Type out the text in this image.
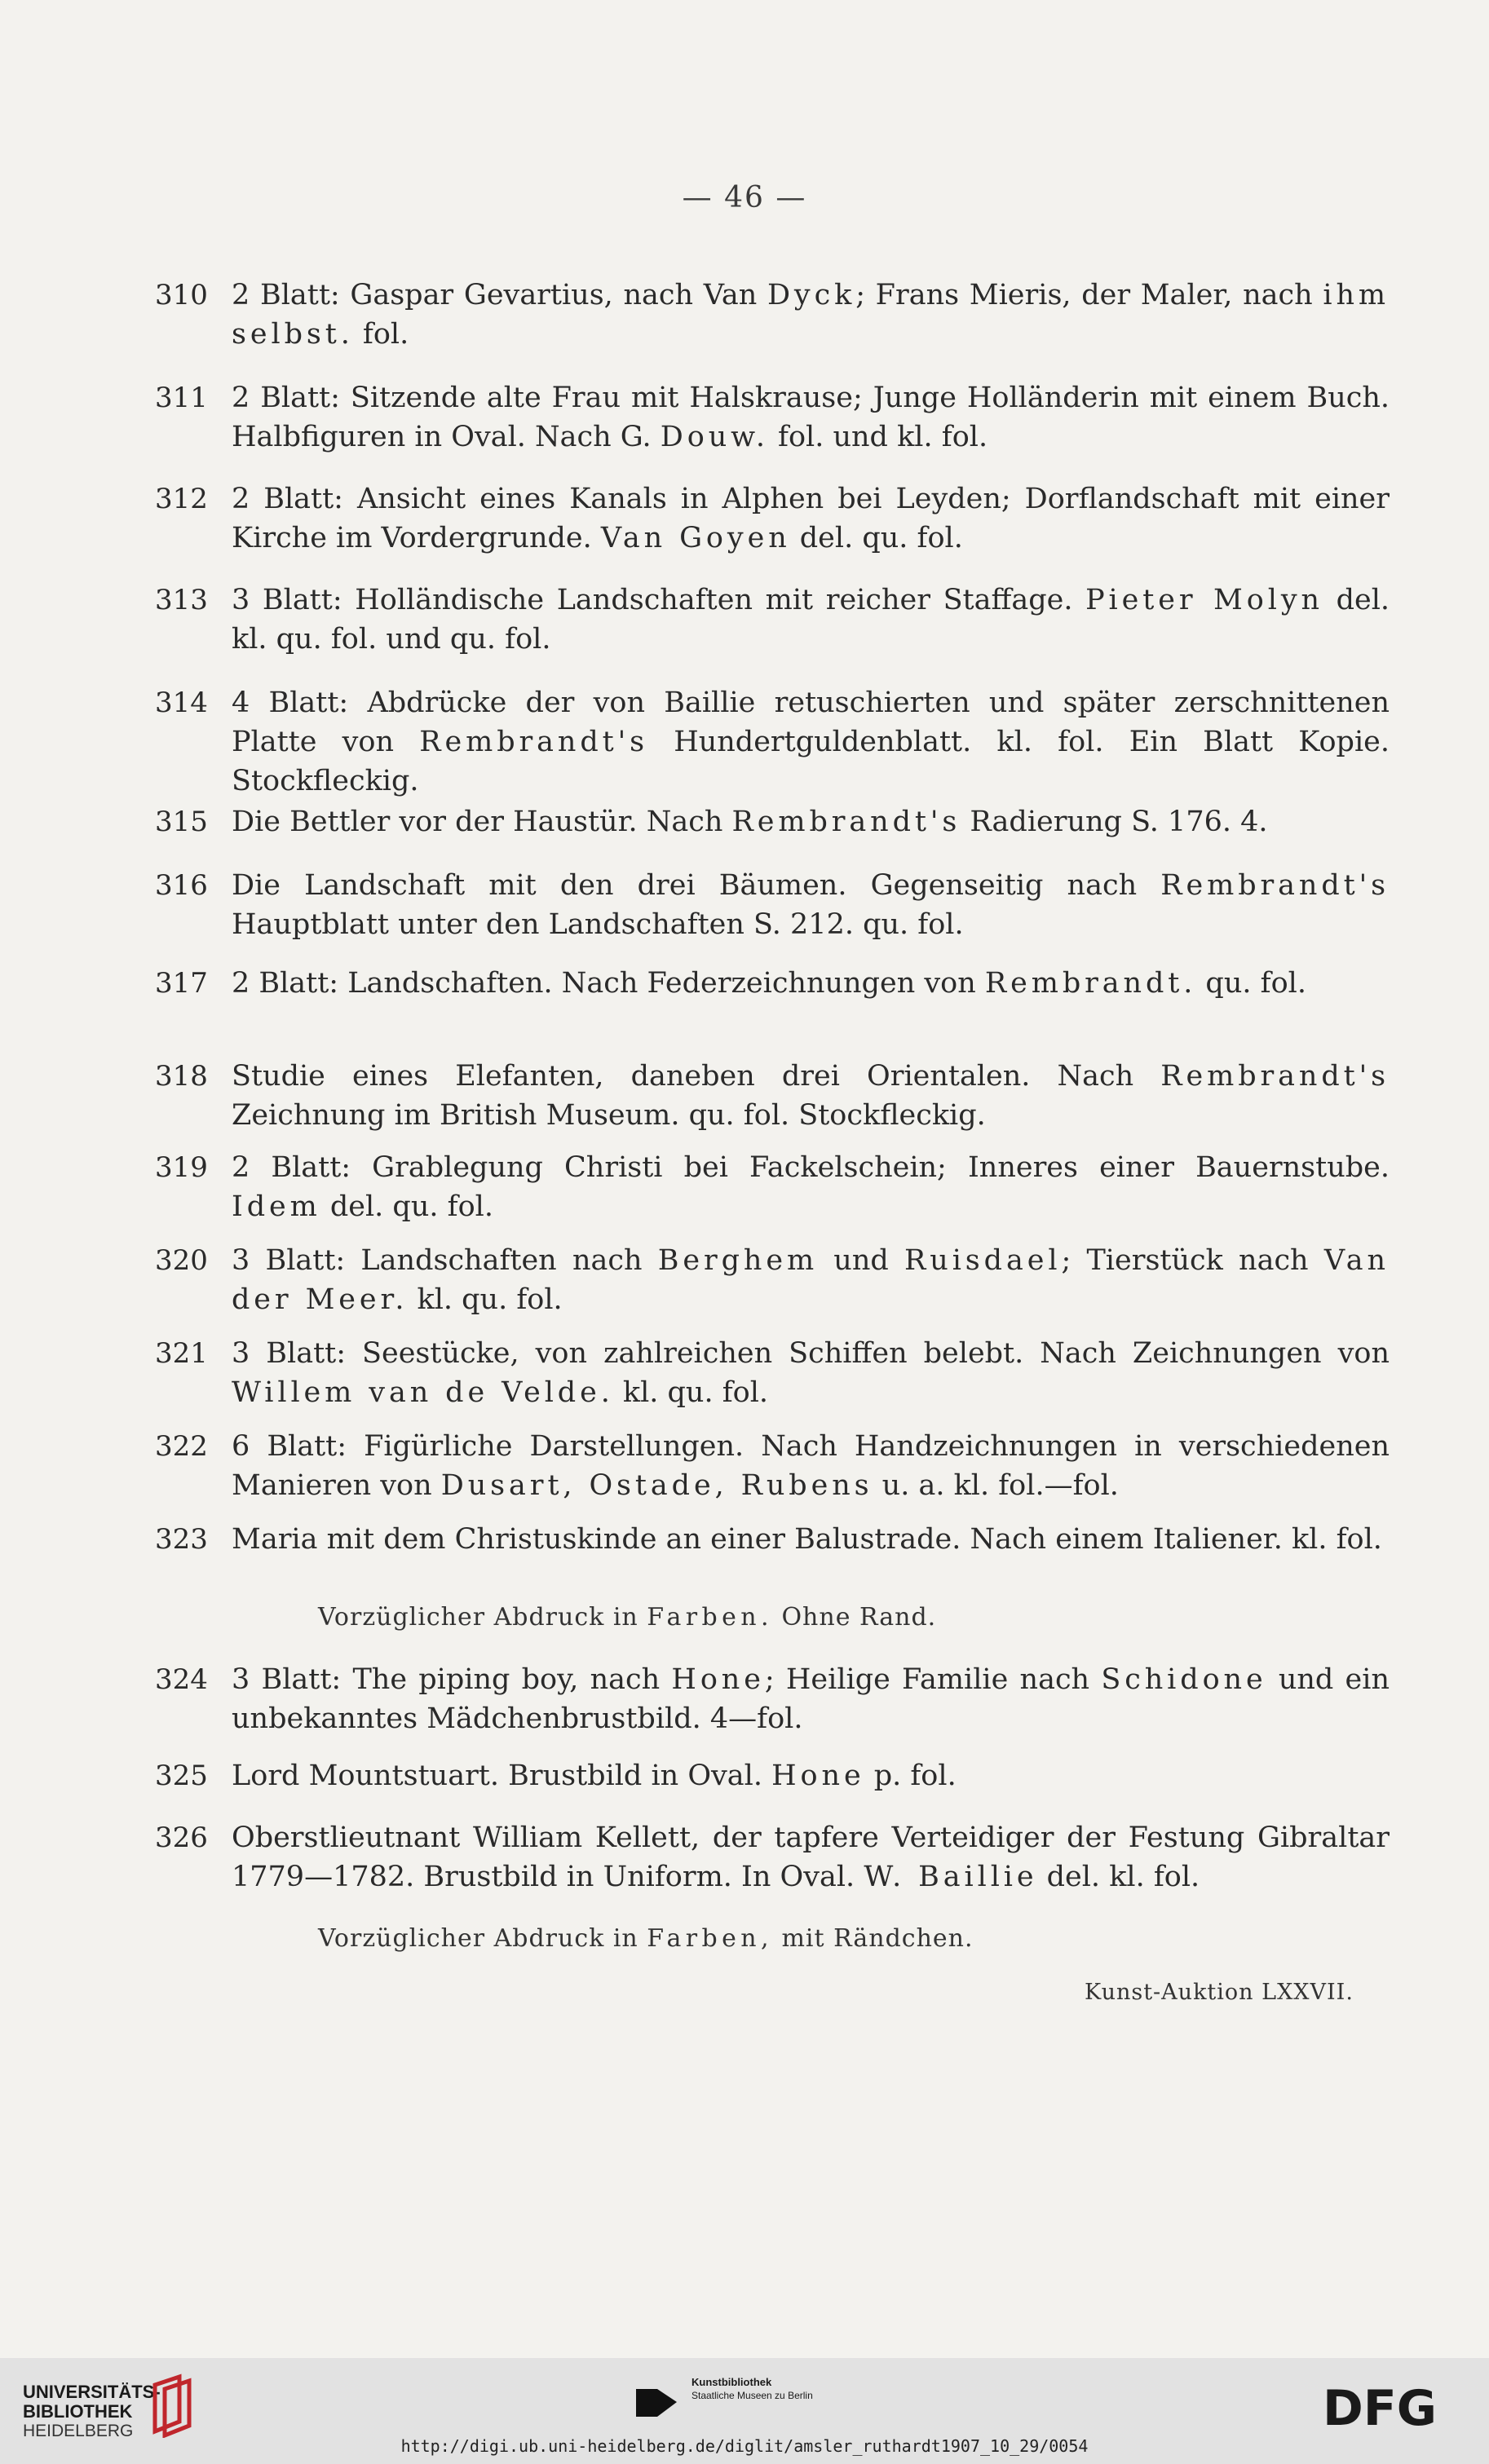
— 46 —
310 2 Blatt: Gaspar Gevartius, nach Van Dyck; Frans Mieris, der Maler, nach ihm selbst. fol.
311 2 Blatt: Sitzende alte Frau mit Halskrause; Junge Holländerin mit einem Buch. Halbfiguren in Oval. Nach G. Douw. fol. und kl. fol.
312 2 Blatt: Ansicht eines Kanals in Alphen bei Leyden; Dorflandschaft mit einer Kirche im Vordergrunde. Van Goyen del. qu. fol.
313 3 Blatt: Holländische Landschaften mit reicher Staffage. Pieter Molyn del. kl. qu. fol. und qu. fol.
314 4 Blatt: Abdrücke der von Baillie retuschierten und später zerschnittenen Platte von Rembrandt's Hundertguldenblatt. kl. fol. Ein Blatt Kopie. Stockfleckig.
315 Die Bettler vor der Haustür. Nach Rembrandt's Radierung S. 176. 4.
316 Die Landschaft mit den drei Bäumen. Gegenseitig nach Rembrandt's Hauptblatt unter den Landschaften S. 212. qu. fol.
317 2 Blatt: Landschaften. Nach Federzeichnungen von Rembrandt. qu. fol.
318 Studie eines Elefanten, daneben drei Orientalen. Nach Rembrandt's Zeichnung im British Museum. qu. fol. Stockfleckig.
319 2 Blatt: Grablegung Christi bei Fackelschein; Inneres einer Bauernstube. Idem del. qu. fol.
320 3 Blatt: Landschaften nach Berghem und Ruisdael; Tierstück nach Van der Meer. kl. qu. fol.
321 3 Blatt: Seestücke, von zahlreichen Schiffen belebt. Nach Zeichnungen von Willem van de Velde. kl. qu. fol.
322 6 Blatt: Figürliche Darstellungen. Nach Handzeichnungen in verschiedenen Manieren von Dusart, Ostade, Rubens u. a. kl. fol.—fol.
323 Maria mit dem Christuskinde an einer Balustrade. Nach einem Italiener. kl. fol.
324 3 Blatt: The piping boy, nach Hone; Heilige Familie nach Schidone und ein unbekanntes Mädchenbrustbild. 4—fol.
325 Lord Mountstuart. Brustbild in Oval. Hone p. fol.
326 Oberstlieutnant William Kellett, der tapfere Verteidiger der Festung Gibraltar 1779—1782. Brustbild in Uniform. In Oval. W. Baillie del. kl. fol.
Vorzüglicher Abdruck in Farben. Ohne Rand.
Vorzüglicher Abdruck in Farben, mit Rändchen.
Kunst-Auktion LXXVII.
UNIVERSITÄTS-
BIBLIOTHEK
HEIDELBERG
Kunstbibliothek
Staatliche Museen zu Berlin	DFG
http://digi.ub.uni-heidelberg.de/diglit/amsler_ruthardt1907_10_29/0054
